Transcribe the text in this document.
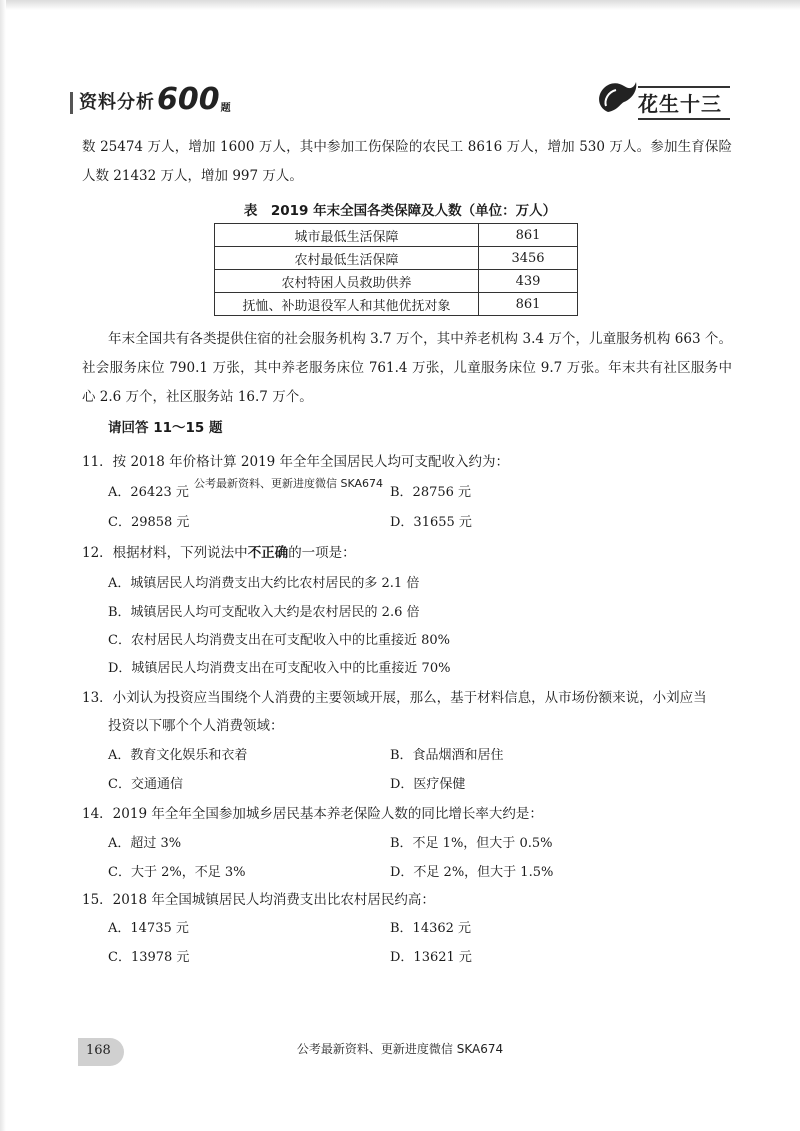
资料分析 600 题	花生十三
数 25474 万人，增加 1600 万人，其中参加工伤保险的农民工 8616 万人，增加 530 万人。参加生育保险人数 21432 万人，增加 997 万人。
表　2019 年末全国各类保障及人数（单位：万人）
城市最低生活保障	861
农村最低生活保障	3456
农村特困人员救助供养	439
抚恤、补助退役军人和其他优抚对象	861
年末全国共有各类提供住宿的社会服务机构 3.7 万个，其中养老机构 3.4 万个，儿童服务机构 663 个。社会服务床位 790.1 万张，其中养老服务床位 761.4 万张，儿童服务床位 9.7 万张。年末共有社区服务中心 2.6 万个，社区服务站 16.7 万个。
请回答 11～15 题
11．按 2018 年价格计算 2019 年全年全国居民人均可支配收入约为：
A．26423 元
公考最新资料、更新进度微信 SKA674
B．28756 元
C．29858 元	D．31655 元
12．根据材料，下列说法中不正确的一项是：
A．城镇居民人均消费支出大约比农村居民的多 2.1 倍
B．城镇居民人均可支配收入大约是农村居民的 2.6 倍
C．农村居民人均消费支出在可支配收入中的比重接近 80%
D．城镇居民人均消费支出在可支配收入中的比重接近 70%
13．小刘认为投资应当围绕个人消费的主要领域开展，那么，基于材料信息，从市场份额来说，小刘应当
投资以下哪个个人消费领域：
A．教育文化娱乐和衣着	B．食品烟酒和居住
C．交通通信	D．医疗保健
14．2019 年全年全国参加城乡居民基本养老保险人数的同比增长率大约是：
A．超过 3%	B．不足 1%，但大于 0.5%
C．大于 2%，不足 3%	D．不足 2%，但大于 1.5%
15．2018 年全国城镇居民人均消费支出比农村居民约高：
A．14735 元	B．14362 元
C．13978 元	D．13621 元
168	公考最新资料、更新进度微信 SKA674
